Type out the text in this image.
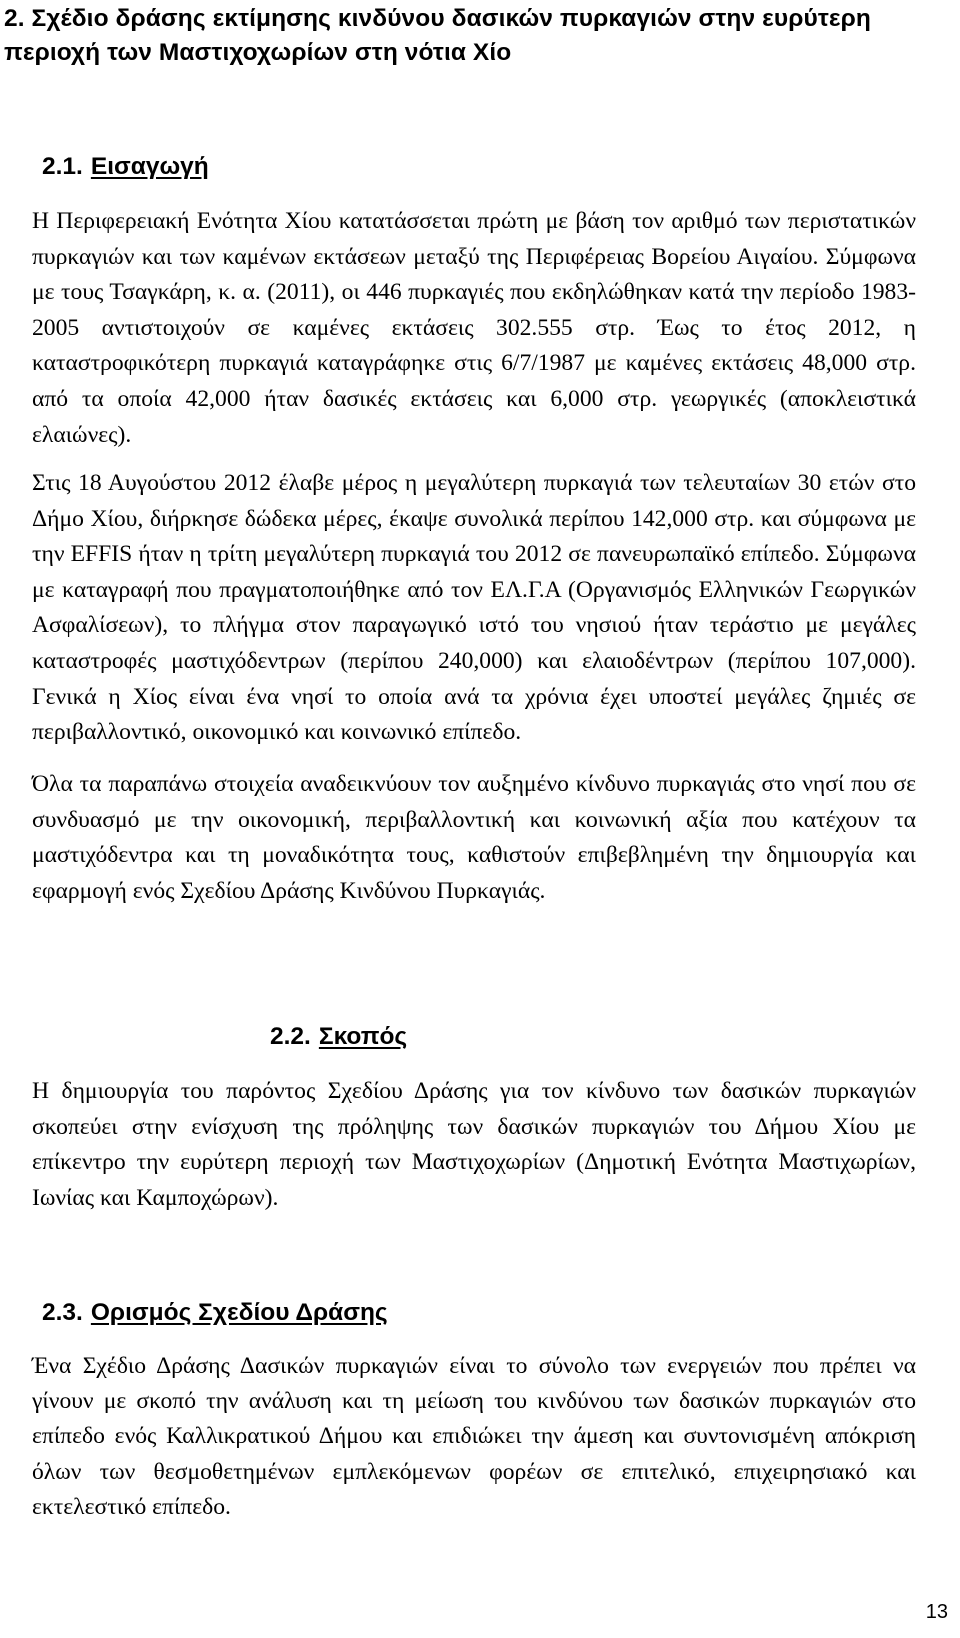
2. Σχέδιο δράσης εκτίμησης κινδύνου δασικών πυρκαγιών στην ευρύτερη περιοχή των Μαστιχοχωρίων στη νότια Χίο
2.1. Εισαγωγή

Η Περιφερειακή Ενότητα Χίου κατατάσσεται πρώτη με βάση τον αριθμό των περιστατικών πυρκαγιών και των καμένων εκτάσεων μεταξύ της Περιφέρειας Βορείου Αιγαίου. Σύμφωνα με τους Τσαγκάρη, κ. α. (2011), οι 446 πυρκαγιές που εκδηλώθηκαν κατά την περίοδο 1983-2005 αντιστοιχούν σε καμένες εκτάσεις 302.555 στρ. Έως το έτος 2012, η καταστροφικότερη πυρκαγιά καταγράφηκε στις 6/7/1987 με καμένες εκτάσεις 48,000 στρ. από τα οποία 42,000 ήταν δασικές εκτάσεις και 6,000 στρ. γεωργικές (αποκλειστικά ελαιώνες).

Στις 18 Αυγούστου 2012 έλαβε μέρος η μεγαλύτερη πυρκαγιά των τελευταίων 30 ετών στο Δήμο Χίου, διήρκησε δώδεκα μέρες, έκαψε συνολικά περίπου 142,000 στρ. και σύμφωνα με την EFFIS ήταν η τρίτη μεγαλύτερη πυρκαγιά του 2012 σε πανευρωπαϊκό επίπεδο. Σύμφωνα με καταγραφή που πραγματοποιήθηκε από τον ΕΛ.Γ.Α (Οργανισμός Ελληνικών Γεωργικών Ασφαλίσεων), το πλήγμα στον παραγωγικό ιστό του νησιού ήταν τεράστιο με μεγάλες καταστροφές μαστιχόδεντρων (περίπου 240,000) και ελαιοδέντρων (περίπου 107,000). Γενικά η Χίος είναι ένα νησί το οποία ανά τα χρόνια έχει υποστεί μεγάλες ζημιές σε περιβαλλοντικό, οικονομικό και κοινωνικό επίπεδο.

Όλα τα παραπάνω στοιχεία αναδεικνύουν τον αυξημένο κίνδυνο πυρκαγιάς στο νησί που σε συνδυασμό με την οικονομική, περιβαλλοντική και κοινωνική αξία που κατέχουν τα μαστιχόδεντρα και τη μοναδικότητα τους, καθιστούν επιβεβλημένη την δημιουργία και εφαρμογή ενός Σχεδίου Δράσης Κινδύνου Πυρκαγιάς.

2.2. Σκοπός

Η δημιουργία του παρόντος Σχεδίου Δράσης για τον κίνδυνο των δασικών πυρκαγιών σκοπεύει στην ενίσχυση της πρόληψης των δασικών πυρκαγιών του Δήμου Χίου με επίκεντρο την ευρύτερη περιοχή των Μαστιχοχωρίων (Δημοτική Ενότητα Μαστιχωρίων, Ιωνίας και Καμποχώρων).

2.3. Ορισμός Σχεδίου Δράσης

Ένα Σχέδιο Δράσης Δασικών πυρκαγιών είναι το σύνολο των ενεργειών που πρέπει να γίνουν με σκοπό την ανάλυση και τη μείωση του κινδύνου των δασικών πυρκαγιών στο επίπεδο ενός Καλλικρατικού Δήμου και επιδιώκει την άμεση και συντονισμένη απόκριση όλων των θεσμοθετημένων εμπλεκόμενων φορέων σε επιτελικό, επιχειρησιακό και εκτελεστικό επίπεδο.

13
